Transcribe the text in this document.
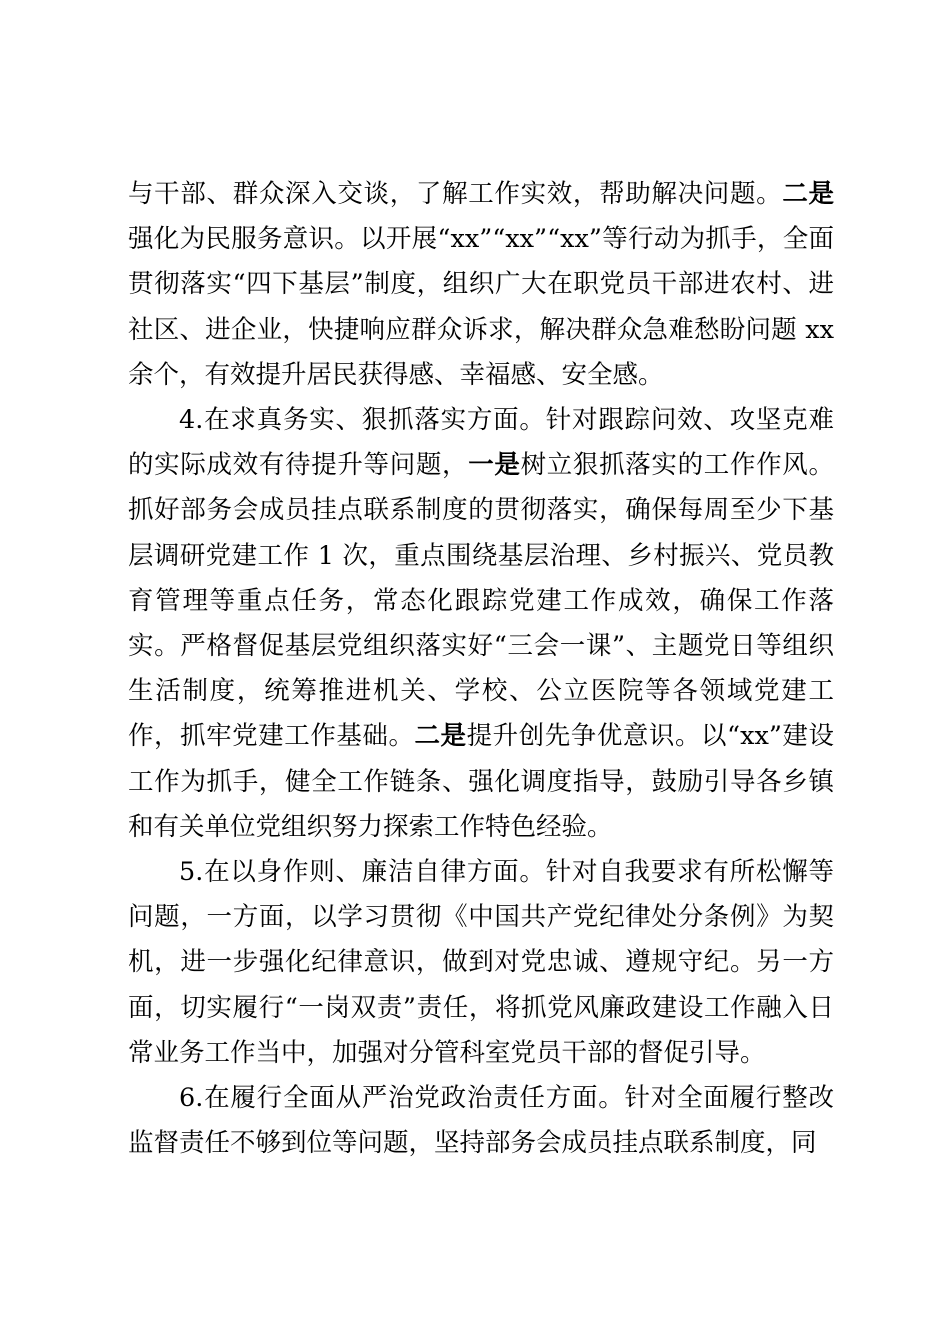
与干部、群众深入交谈，了解工作实效，帮助解决问题。二是强化为民服务意识。以开展“xx”“xx”“xx”等行动为抓手，全面贯彻落实“四下基层”制度，组织广大在职党员干部进农村、进社区、进企业，快捷响应群众诉求，解决群众急难愁盼问题 xx 余个，有效提升居民获得感、幸福感、安全感。

4.在求真务实、狠抓落实方面。针对跟踪问效、攻坚克难的实际成效有待提升等问题，一是树立狠抓落实的工作作风。抓好部务会成员挂点联系制度的贯彻落实，确保每周至少下基层调研党建工作 1 次，重点围绕基层治理、乡村振兴、党员教育管理等重点任务，常态化跟踪党建工作成效，确保工作落实。严格督促基层党组织落实好“三会一课”、主题党日等组织生活制度，统筹推进机关、学校、公立医院等各领域党建工作，抓牢党建工作基础。二是提升创先争优意识。以“xx”建设工作为抓手，健全工作链条、强化调度指导，鼓励引导各乡镇和有关单位党组织努力探索工作特色经验。

5.在以身作则、廉洁自律方面。针对自我要求有所松懈等问题，一方面，以学习贯彻《中国共产党纪律处分条例》为契机，进一步强化纪律意识，做到对党忠诚、遵规守纪。另一方面，切实履行“一岗双责”责任，将抓党风廉政建设工作融入日常业务工作当中，加强对分管科室党员干部的督促引导。

6.在履行全面从严治党政治责任方面。针对全面履行整改监督责任不够到位等问题，坚持部务会成员挂点联系制度，同
